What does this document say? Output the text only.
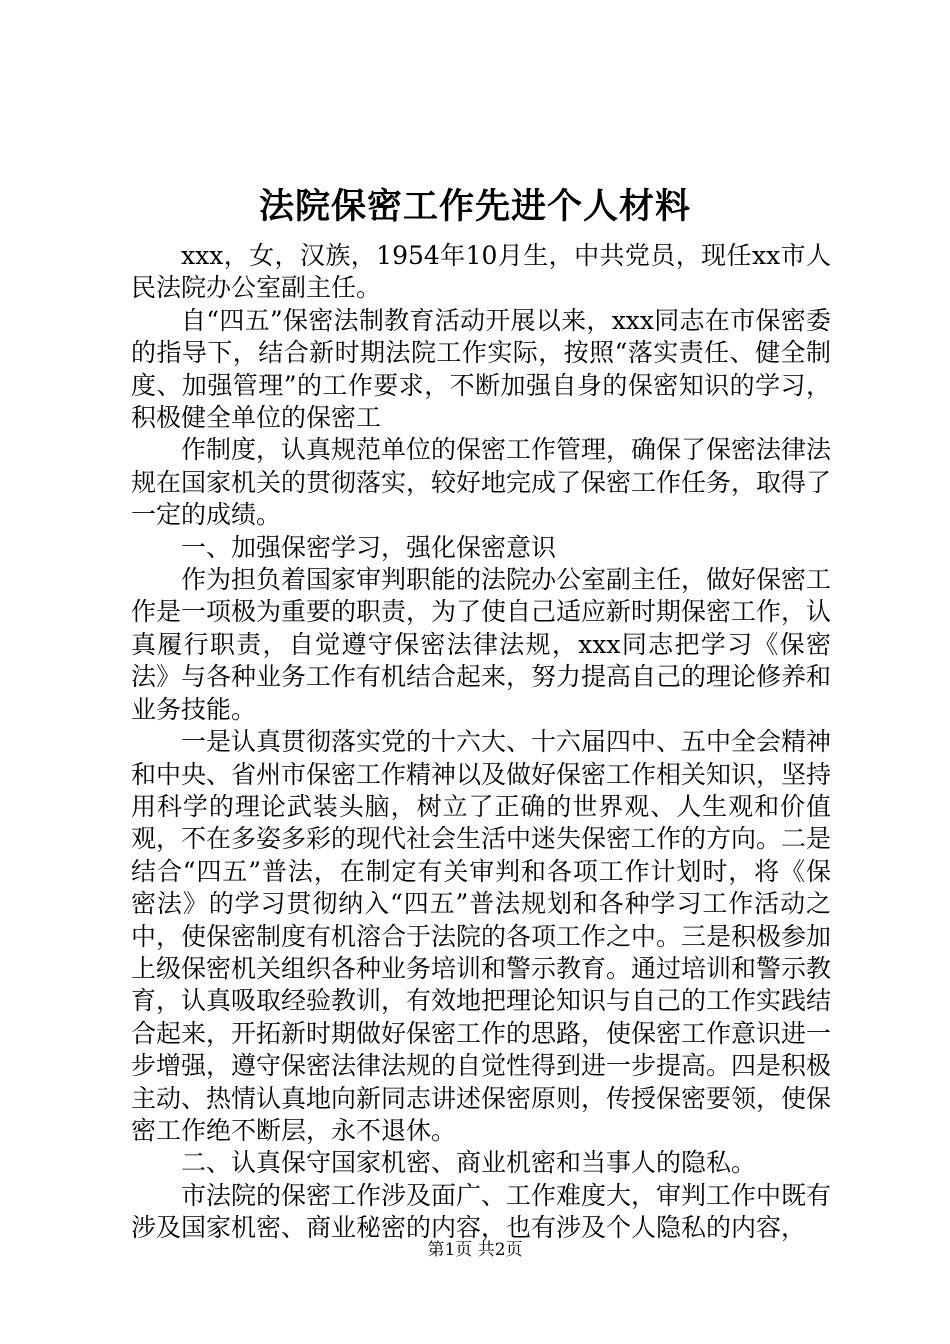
法院保密工作先进个人材料

xxx，女，汉族，1954年10月生，中共党员，现任xx市人民法院办公室副主任。

自“四五”保密法制教育活动开展以来，xxx同志在市保密委的指导下，结合新时期法院工作实际，按照“落实责任、健全制度、加强管理”的工作要求，不断加强自身的保密知识的学习，积极健全单位的保密工

作制度，认真规范单位的保密工作管理，确保了保密法律法规在国家机关的贯彻落实，较好地完成了保密工作任务，取得了一定的成绩。

一、加强保密学习，强化保密意识

作为担负着国家审判职能的法院办公室副主任，做好保密工作是一项极为重要的职责，为了使自己适应新时期保密工作，认真履行职责，自觉遵守保密法律法规，xxx同志把学习《保密法》与各种业务工作有机结合起来，努力提高自己的理论修养和业务技能。

一是认真贯彻落实党的十六大、十六届四中、五中全会精神和中央、省州市保密工作精神以及做好保密工作相关知识，坚持用科学的理论武装头脑，树立了正确的世界观、人生观和价值观，不在多姿多彩的现代社会生活中迷失保密工作的方向。二是结合“四五”普法，在制定有关审判和各项工作计划时，将《保密法》的学习贯彻纳入“四五”普法规划和各种学习工作活动之中，使保密制度有机溶合于法院的各项工作之中。三是积极参加上级保密机关组织各种业务培训和警示教育。通过培训和警示教育，认真吸取经验教训，有效地把理论知识与自己的工作实践结合起来，开拓新时期做好保密工作的思路，使保密工作意识进一步增强，遵守保密法律法规的自觉性得到进一步提高。四是积极主动、热情认真地向新同志讲述保密原则，传授保密要领，使保密工作绝不断层，永不退休。

二、认真保守国家机密、商业机密和当事人的隐私。

市法院的保密工作涉及面广、工作难度大，审判工作中既有涉及国家机密、商业秘密的内容，也有涉及个人隐私的内容，

第1页 共2页
